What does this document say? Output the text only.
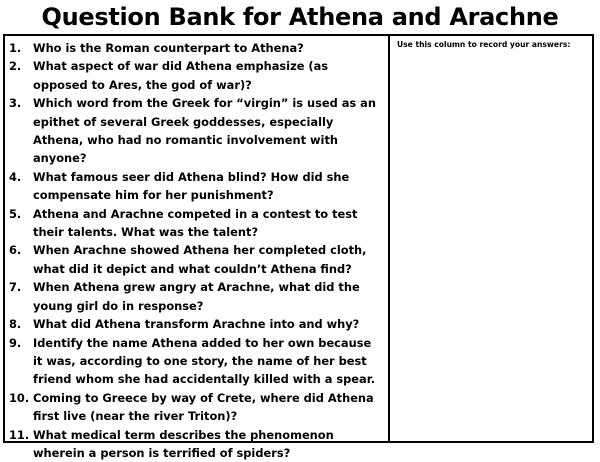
Question Bank for Athena and Arachne
1.	Who is the Roman counterpart to Athena?
2.	What aspect of war did Athena emphasize (as opposed to Ares, the god of war)?
3.	Which word from the Greek for “virgin” is used as an epithet of several Greek goddesses, especially Athena, who had no romantic involvement with anyone?
4.	What famous seer did Athena blind? How did she compensate him for her punishment?
5.	Athena and Arachne competed in a contest to test their talents. What was the talent?
6.	When Arachne showed Athena her completed cloth, what did it depict and what couldn’t Athena find?
7.	When Athena grew angry at Arachne, what did the young girl do in response?
8.	What did Athena transform Arachne into and why?
9.	Identify the name Athena added to her own because it was, according to one story, the name of her best friend whom she had accidentally killed with a spear.
10. Coming to Greece by way of Crete, where did Athena first live (near the river Triton)?
11. What medical term describes the phenomenon wherein a person is terrified of spiders?
Use this column to record your answers:
